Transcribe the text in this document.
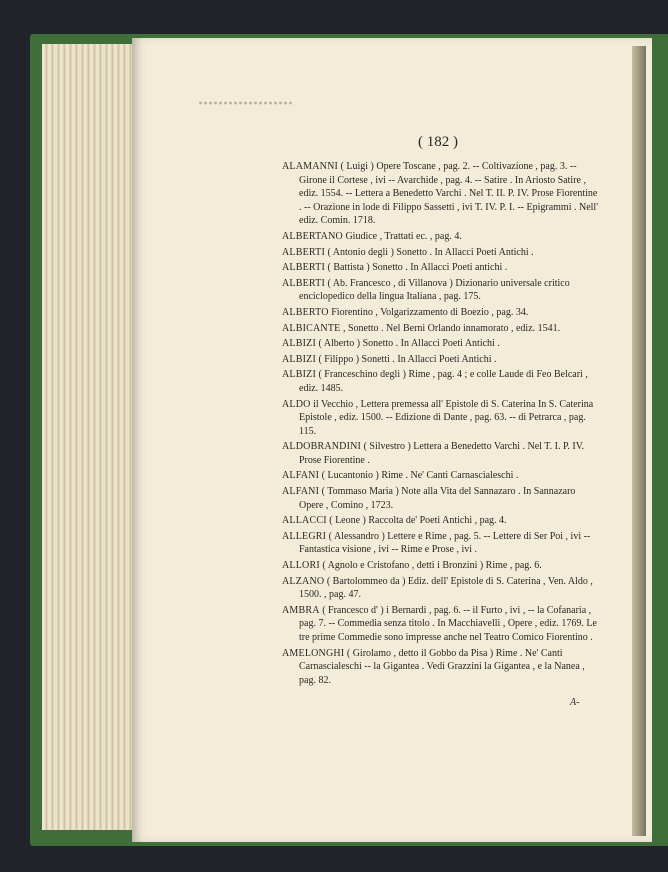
( 182 )

ALAMANNI ( Luigi ) Opere Toscane , pag. 2. -- Coltivazione , pag. 3. -- Girone il Cortese , ivi -- Avarchide , pag. 4. -- Satire . In Ariosto Satire , ediz. 1554. -- Lettera a Benedetto Varchi . Nel T. II. P. IV. Prose Fiorentine . -- Orazione in lode di Filippo Sassetti , ivi T. IV. P. I. -- Epigrammi . Nell' ediz. Comin. 1718.

ALBERTANO Giudice , Trattati ec. , pag. 4.

ALBERTI ( Antonio degli ) Sonetto . In Allacci Poeti Antichi .

ALBERTI ( Battista ) Sonetto . In Allacci Poeti antichi .

ALBERTI ( Ab. Francesco , di Villanova ) Dizionario universale critico enciclopedico della lingua Italiana , pag. 175.

ALBERTO Fiorentino , Volgarizzamento di Boezio , pag. 34.

ALBICANTE , Sonetto . Nel Berni Orlando innamorato , ediz. 1541.

ALBIZI ( Alberto ) Sonetto . In Allacci Poeti Antichi .

ALBIZI ( Filippo ) Sonetti . In Allacci Poeti Antichi .

ALBIZI ( Franceschino degli ) Rime , pag. 4 ; e colle Laude di Feo Belcari , ediz. 1485.

ALDO il Vecchio , Lettera premessa all' Epistole di S. Caterina In S. Caterina Epistole , ediz. 1500. -- Edizione di Dante , pag. 63. -- di Petrarca , pag. 115.

ALDOBRANDINI ( Silvestro ) Lettera a Benedetto Varchi . Nel T. I. P. IV. Prose Fiorentine .

ALFANI ( Lucantonio ) Rime . Ne' Canti Carnascialeschi .

ALFANI ( Tommaso Maria ) Note alla Vita del Sannazaro . In Sannazaro Opere , Comino , 1723.

ALLACCI ( Leone ) Raccolta de' Poeti Antichi , pag. 4.

ALLEGRI ( Alessandro ) Lettere e Rime , pag. 5. -- Lettere di Ser Poi , ivi -- Fantastica visione , ivi -- Rime e Prose , ivi .

ALLORI ( Agnolo e Cristofano , detti i Bronzini ) Rime , pag. 6.

ALZANO ( Bartolommeo da ) Ediz. dell' Epistole di S. Caterina , Ven. Aldo , 1500. , pag. 47.

AMBRA ( Francesco d' ) i Bernardi , pag. 6. -- il Furto , ivi , -- la Cofanaria , pag. 7. -- Commedia senza titolo . In Macchiavelli , Opere , ediz. 1769. Le tre prime Commedie sono impresse anche nel Teatro Comico Fiorentino .

AMELONGHI ( Girolamo , detto il Gobbo da Pisa ) Rime . Ne' Canti Carnascialeschi -- la Gigantea . Vedi Grazzini la Gigantea , e la Nanea , pag. 82.

A-
